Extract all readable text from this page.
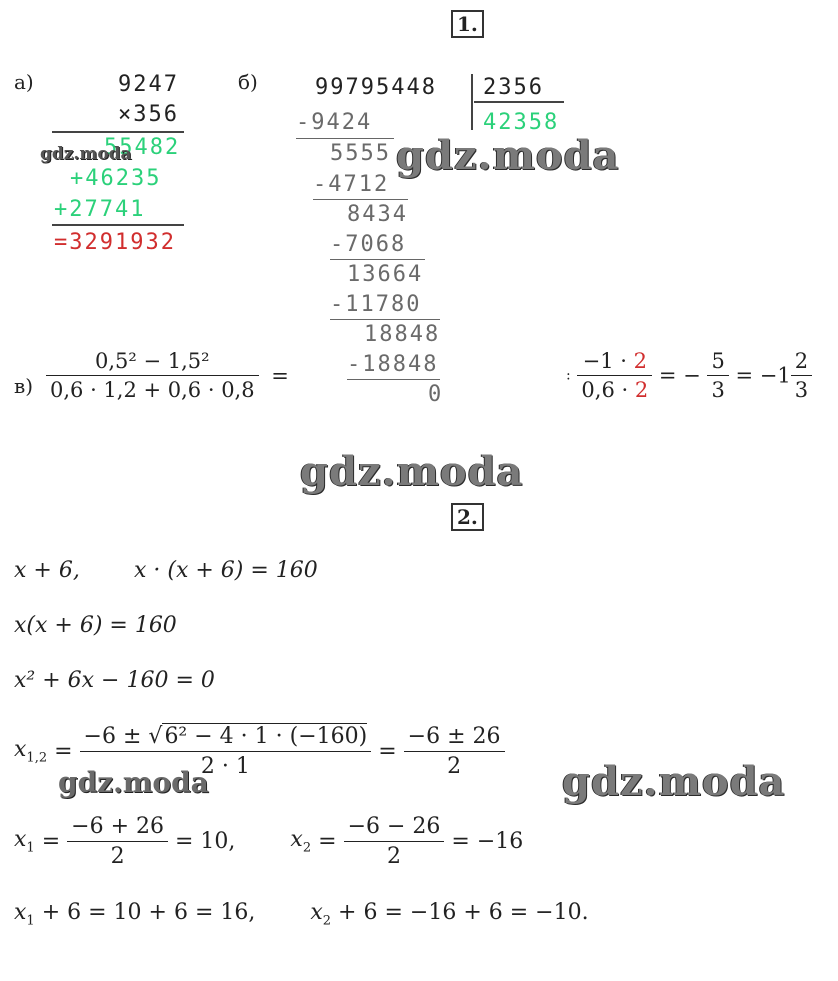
1.
а)	9247
×356
55482
+46235
+27741
=3291932
б)	99795448 2356
42358
-9424
5555
-4712
8434
-7068
13664
-11780
18848
-18848
0
$в) \frac{\text{0,5² − 1,5²}}{0,6 \cdot 1,2 + 0,6 \cdot 0,8}$ =	: $\frac{-1 \cdot 2}{0,6 \cdot 2}$ = − $\frac{5}{3} = -1 \frac{2}{3}$
gdz.moda	gdz.moda
gdz.moda
gdz.moda
gdz.moda
2.
x + 6, x · (x + 6) = 160
x(x + 6) = 160
x² + 6x − 160 = 0
$x_{1,2} = \frac{\text{−6 ± √6² − 4 · 1 · (−160)}}{2 \cdot 1} = \frac{-6 \pm 26}{2}$
$x_1 = \frac{-6 + 26}{2} = 10$,	$x_2 = \frac{-6 - 26}{2} = -16$
$x_1 + 6 = 10 + 6 = 16$,	$x_2 + 6 = -16 + 6 = -10$.
